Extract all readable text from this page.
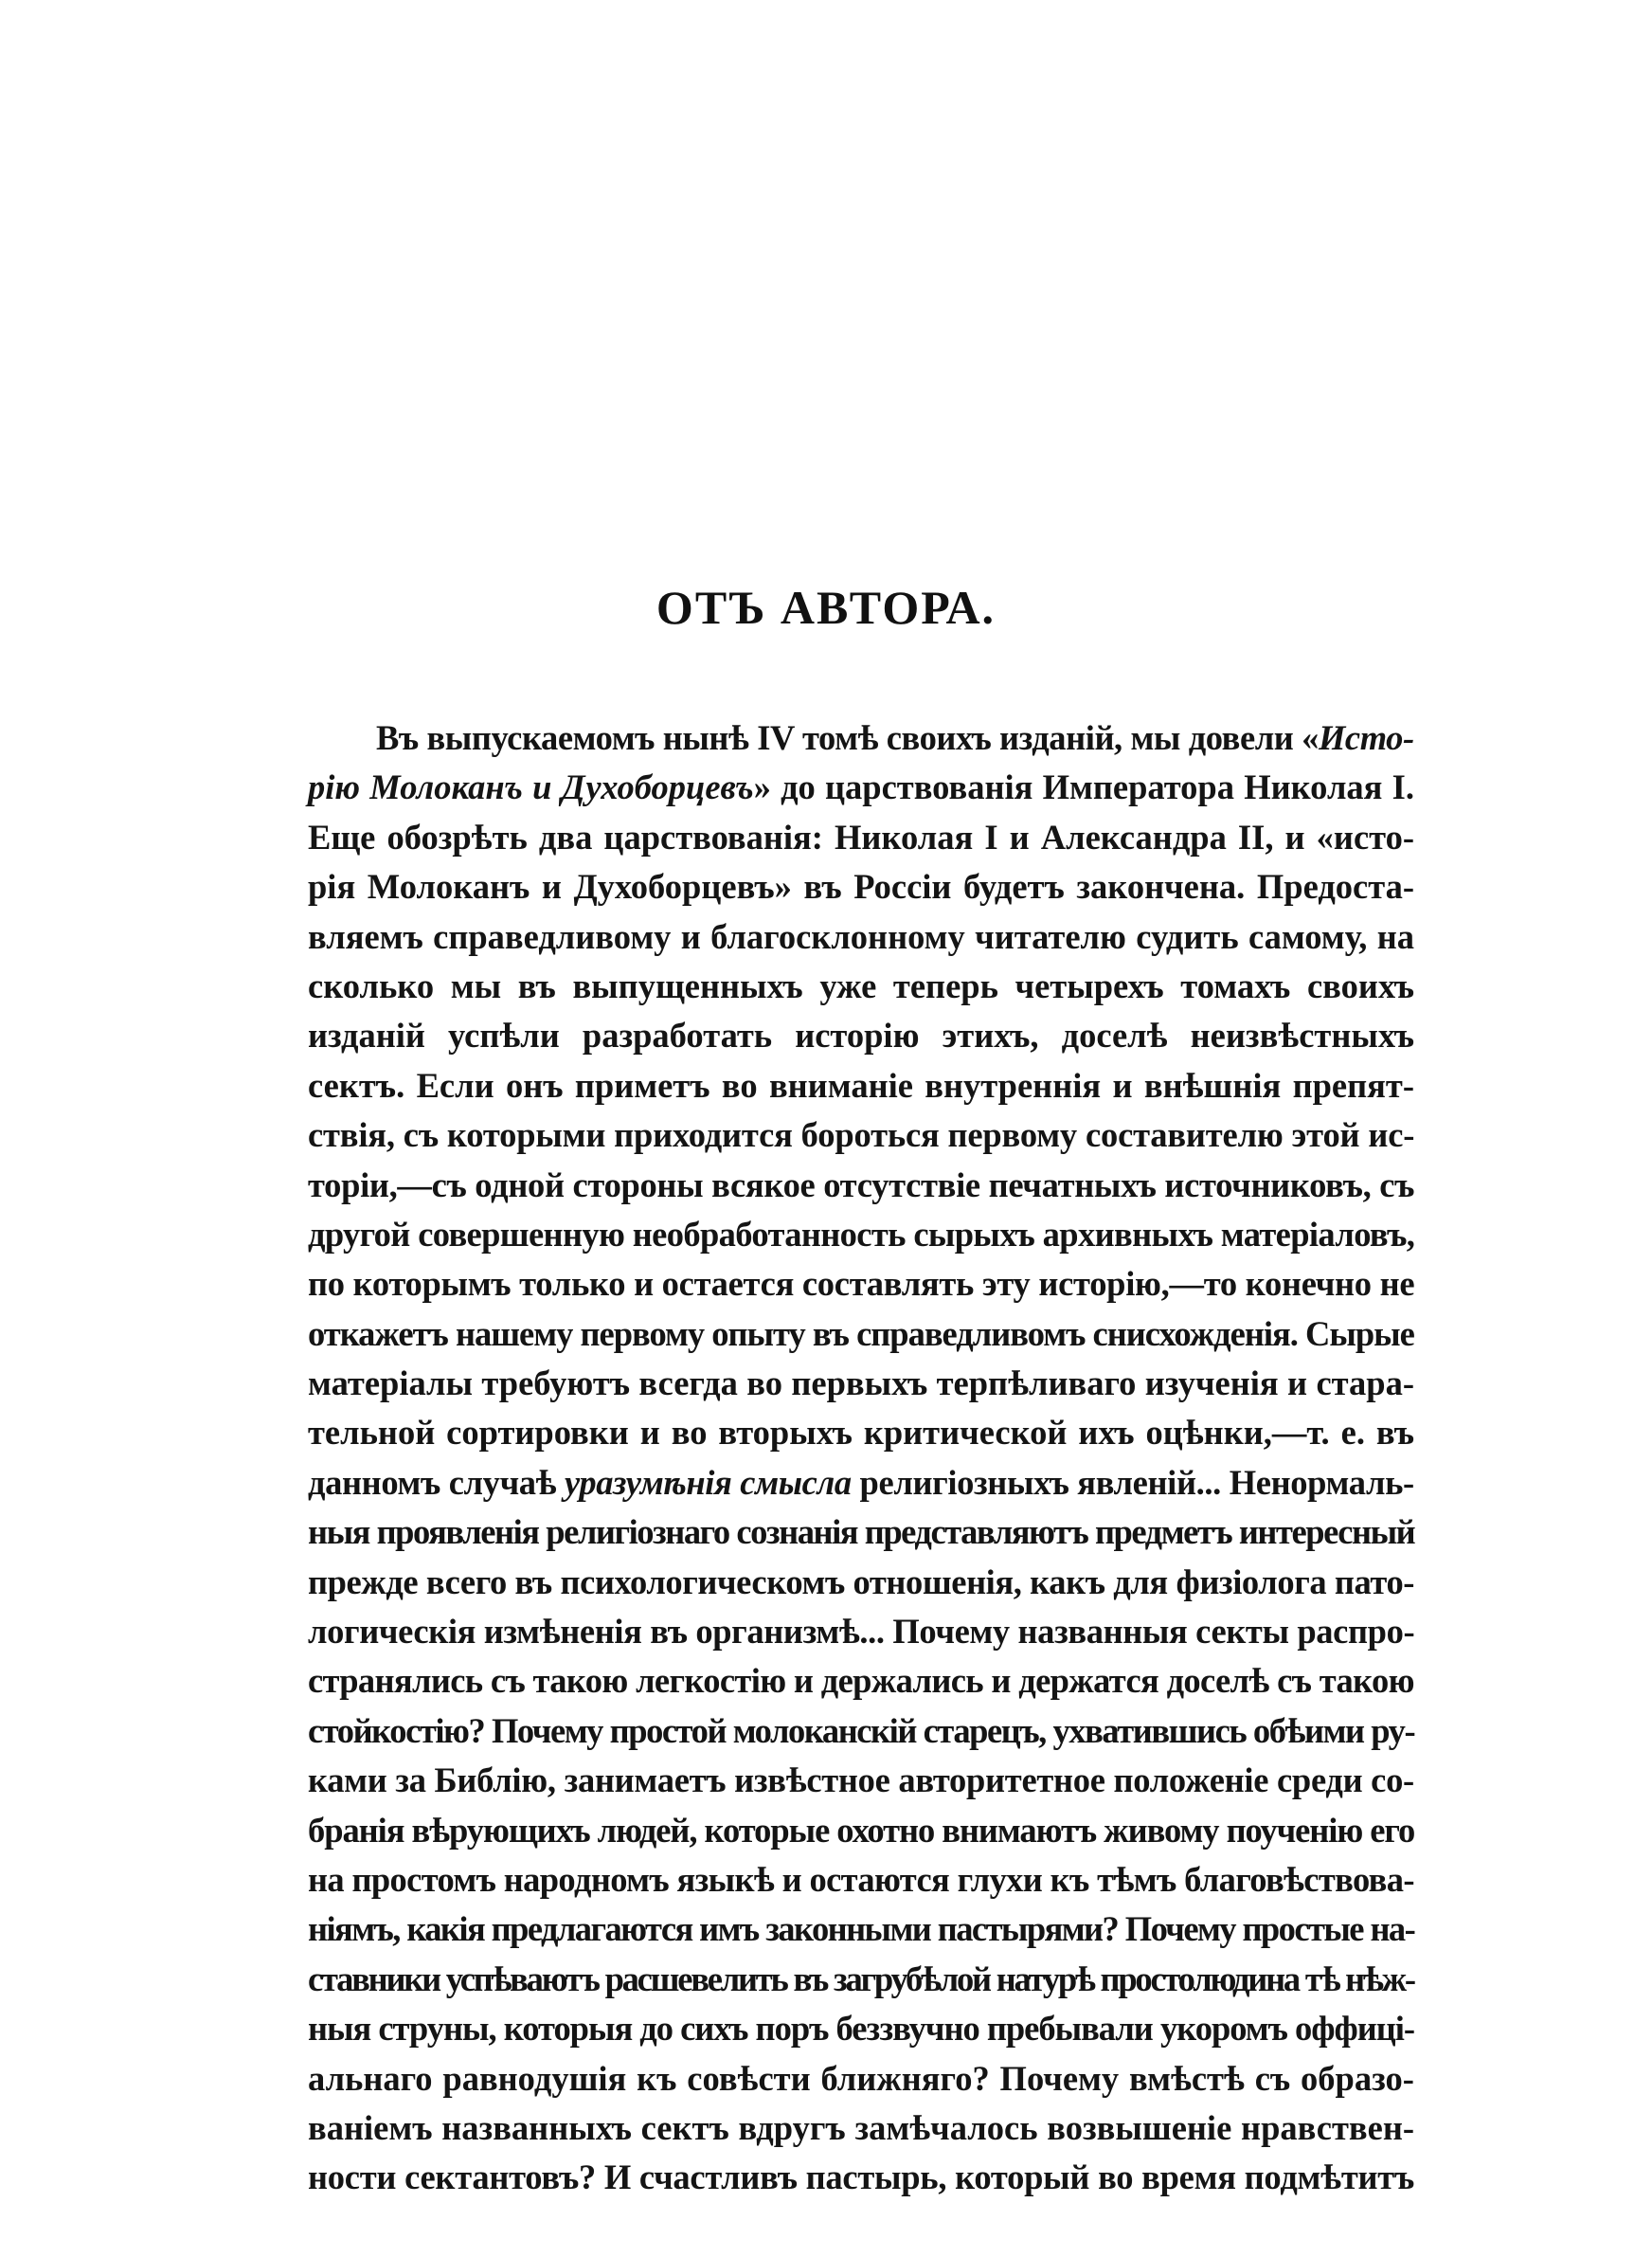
ОТЪ АВТОРА.
Въ выпускаемомъ нынѣ IV томѣ своихъ изданій, мы довели «Исто-
рію Молоканъ и Духоборцевъ» до царствованія Императора Николая I.
Еще обозрѣть два царствованія: Николая I и Александра II, и «исто-
рія Молоканъ и Духоборцевъ» въ Россіи будетъ закончена. Предоста-
вляемъ справедливому и благосклонному читателю судить самому, на
сколько мы въ выпущенныхъ уже теперь четырехъ томахъ своихъ
изданій успѣли разработать исторію этихъ, доселѣ неизвѣстныхъ
сектъ. Если онъ приметъ во вниманіе внутреннія и внѣшнія препят-
ствія, съ которыми приходится бороться первому составителю этой ис-
торіи,—съ одной стороны всякое отсутствіе печатныхъ источниковъ, съ
другой совершенную необработанность сырыхъ архивныхъ матеріаловъ,
по которымъ только и остается составлять эту исторію,—то конечно не
откажетъ нашему первому опыту въ справедливомъ снисхожденія. Сырые
матеріалы требуютъ всегда во первыхъ терпѣливаго изученія и стара-
тельной сортировки и во вторыхъ критической ихъ оцѣнки,—т. е. въ
данномъ случаѣ уразумѣнія смысла религіозныхъ явленій... Ненормаль-
ныя проявленія религіознаго сознанія представляютъ предметъ интересный
прежде всего въ психологическомъ отношенія, какъ для физіолога пато-
логическія измѣненія въ организмѣ... Почему названныя секты распро-
странялись съ такою легкостію и держались и держатся доселѣ съ такою
стойкостію? Почему простой молоканскій старецъ, ухватившись обѣими ру-
ками за Библію, занимаетъ извѣстное авторитетное положеніе среди со-
бранія вѣрующихъ людей, которые охотно внимаютъ живому поученію его
на простомъ народномъ языкѣ и остаются глухи къ тѣмъ благовѣствова-
ніямъ, какія предлагаются имъ законными пастырями? Почему простые на-
ставники успѣваютъ расшевелить въ загрубѣлой натурѣ простолюдина тѣ нѣж-
ныя струны, которыя до сихъ поръ беззвучно пребывали укоромъ оффиці-
альнаго равнодушія къ совѣсти ближняго? Почему вмѣстѣ съ образо-
ваніемъ названныхъ сектъ вдругъ замѣчалось возвышеніе нравствен-
ности сектантовъ? И счастливъ пастырь, который во время подмѣтитъ
